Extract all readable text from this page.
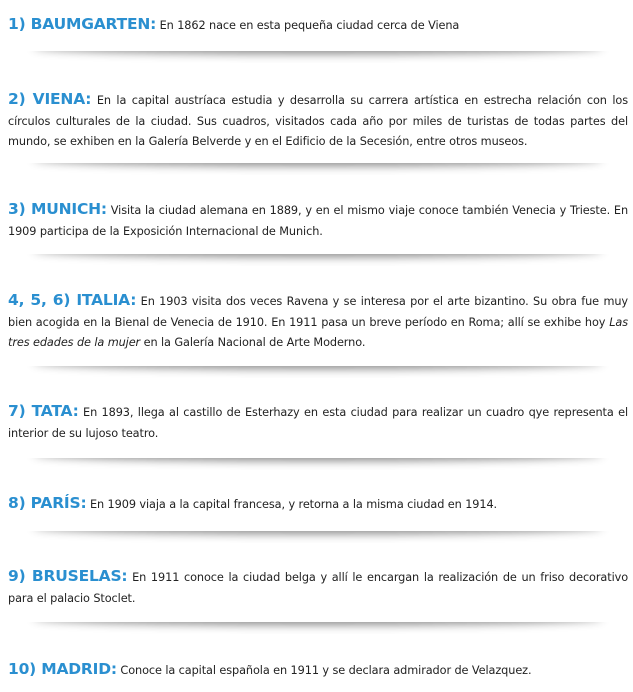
1) BAUMGARTEN: En 1862 nace en esta pequeña ciudad cerca de Viena
2) VIENA: En la capital austríaca estudia y desarrolla su carrera artística en estrecha relación con los círculos culturales de la ciudad. Sus cuadros, visitados cada año por miles de turistas de todas partes del mundo, se exhiben en la Galería Belverde y en el Edificio de la Secesión, entre otros museos.
3) MUNICH: Visita la ciudad alemana en 1889, y en el mismo viaje conoce también Venecia y Trieste. En 1909 participa de la Exposición Internacional de Munich.
4, 5, 6) ITALIA: En 1903 visita dos veces Ravena y se interesa por el arte bizantino. Su obra fue muy bien acogida en la Bienal de Venecia de 1910. En 1911 pasa un breve período en Roma; allí se exhibe hoy Las tres edades de la mujer en la Galería Nacional de Arte Moderno.
7) TATA: En 1893, llega al castillo de Esterhazy en esta ciudad para realizar un cuadro qye representa el interior de su lujoso teatro.
8) PARÍS: En 1909 viaja a la capital francesa, y retorna a la misma ciudad en 1914.
9) BRUSELAS: En 1911 conoce la ciudad belga y allí le encargan la realización de un friso decorativo para el palacio Stoclet.
10) MADRID: Conoce la capital española en 1911 y se declara admirador de Velazquez.
